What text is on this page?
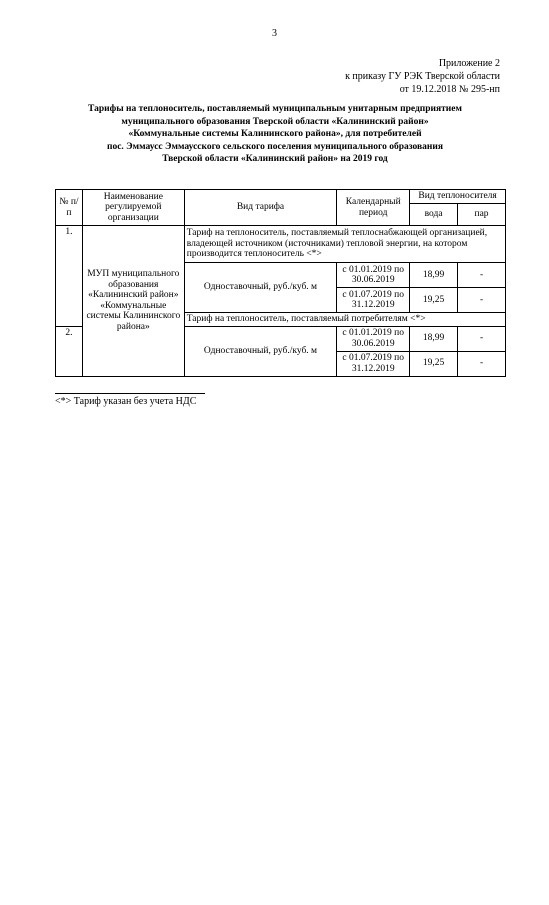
3
Приложение 2
к приказу ГУ РЭК Тверской области
от 19.12.2018 № 295-нп
Тарифы на теплоноситель, поставляемый муниципальным унитарным предприятием
муниципального образования Тверской области «Калининский район»
«Коммунальные системы Калининского района», для потребителей
пос. Эммаусс Эммаусского сельского поселения муниципального образования
Тверской области «Калининский район» на 2019 год
№ п/п	Наименование регулируемой организации	Вид тарифа	Календарный период	Вид теплоносителя	
				вода	пар
1.	МУП муниципального образования «Калининский район» «Коммунальные системы Калининского района»	Тариф на теплоноситель, поставляемый теплоснабжающей организацией, владеющей источником (источниками) тепловой энергии, на котором производится теплоноситель <*>			
		Одноставочный, руб./куб. м	с 01.01.2019 по 30.06.2019	18,99	-
			с 01.07.2019 по 31.12.2019	19,25	-
		Тариф на теплоноситель, поставляемый потребителям <*>			
2.		Одноставочный, руб./куб. м	с 01.01.2019 по 30.06.2019	18,99	-
			с 01.07.2019 по 31.12.2019	19,25	-

<*> Тариф указан без учета НДС
